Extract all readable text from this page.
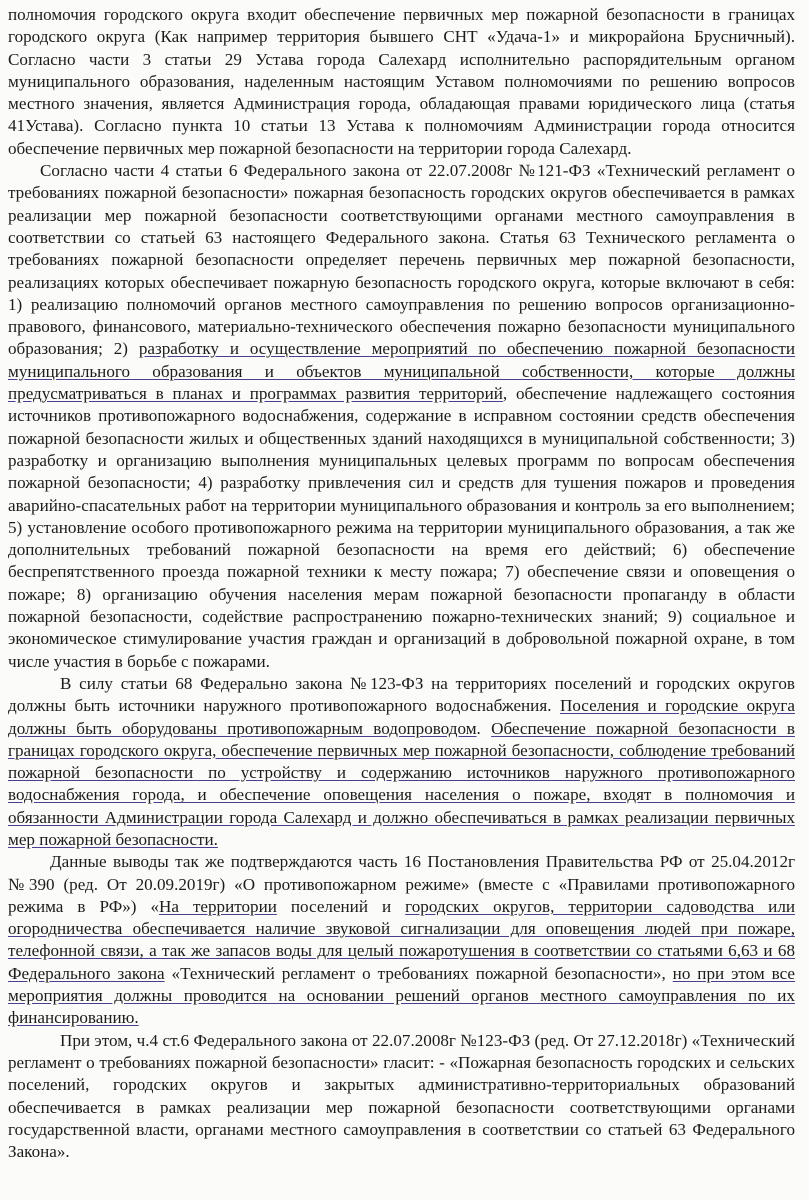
полномочия городского округа входит обеспечение первичных мер пожарной безопасности в границах городского округа (Как например территория бывшего СНТ «Удача-1» и микрорайона Брусничный). Согласно части 3 статьи 29 Устава города Салехард исполнительно распорядительным органом муниципального образования, наделенным настоящим Уставом полномочиями по решению вопросов местного значения, является Администрация города, обладающая правами юридического лица (статья 41Устава). Согласно пункта 10 статьи 13 Устава к полномочиям Администрации города относится обеспечение первичных мер пожарной безопасности на территории города Салехард.

Согласно части 4 статьи 6 Федерального закона от 22.07.2008г №121-ФЗ «Технический регламент о требованиях пожарной безопасности» пожарная безопасность городских округов обеспечивается в рамках реализации мер пожарной безопасности соответствующими органами местного самоуправления в соответствии со статьей 63 настоящего Федерального закона. Статья 63 Технического регламента о требованиях пожарной безопасности определяет перечень первичных мер пожарной безопасности, реализациях которых обеспечивает пожарную безопасность городского округа, которые включают в себя: 1) реализацию полномочий органов местного самоуправления по решению вопросов организационно-правового, финансового, материально-технического обеспечения пожарно безопасности муниципального образования; 2) разработку и осуществление мероприятий по обеспечению пожарной безопасности муниципального образования и объектов муниципальной собственности, которые должны предусматриваться в планах и программах развития территорий, обеспечение надлежащего состояния источников противопожарного водоснабжения, содержание в исправном состоянии средств обеспечения пожарной безопасности жилых и общественных зданий находящихся в муниципальной собственности; 3) разработку и организацию выполнения муниципальных целевых программ по вопросам обеспечения пожарной безопасности; 4) разработку привлечения сил и средств для тушения пожаров и проведения аварийно-спасательных работ на территории муниципального образования и контроль за его выполнением; 5) установление особого противопожарного режима на территории муниципального образования, а так же дополнительных требований пожарной безопасности на время его действий; 6) обеспечение беспрепятственного проезда пожарной техники к месту пожара; 7) обеспечение связи и оповещения о пожаре; 8) организацию обучения населения мерам пожарной безопасности пропаганду в области пожарной безопасности, содействие распространению пожарно-технических знаний; 9) социальное и экономическое стимулирование участия граждан и организаций в добровольной пожарной охране, в том числе участия в борьбе с пожарами.

В силу статьи 68 Федерально закона №123-ФЗ на территориях поселений и городских округов должны быть источники наружного противопожарного водоснабжения. Поселения и городские округа должны быть оборудованы противопожарным водопроводом. Обеспечение пожарной безопасности в границах городского округа, обеспечение первичных мер пожарной безопасности, соблюдение требований пожарной безопасности по устройству и содержанию источников наружного противопожарного водоснабжения города, и обеспечение оповещения населения о пожаре, входят в полномочия и обязанности Администрации города Салехард и должно обеспечиваться в рамках реализации первичных мер пожарной безопасности.

Данные выводы так же подтверждаются часть 16 Постановления Правительства РФ от 25.04.2012г №390 (ред. От 20.09.2019г) «О противопожарном режиме» (вместе с «Правилами противопожарного режима в РФ») «На территории поселений и городских округов, территории садоводства или огородничества обеспечивается наличие звуковой сигнализации для оповещения людей при пожаре, телефонной связи, а так же запасов воды для целый пожаротушения в соответствии со статьями 6,63 и 68 Федерального закона «Технический регламент о требованиях пожарной безопасности», но при этом все мероприятия должны проводится на основании решений органов местного самоуправления по их финансированию.

При этом, ч.4 ст.6 Федерального закона от 22.07.2008г №123-ФЗ (ред. От 27.12.2018г) «Технический регламент о требованиях пожарной безопасности» гласит: - «Пожарная безопасность городских и сельских поселений, городских округов и закрытых административно-территориальных образований обеспечивается в рамках реализации мер пожарной безопасности соответствующими органами государственной власти, органами местного самоуправления в соответствии со статьей 63 Федерального Закона».
